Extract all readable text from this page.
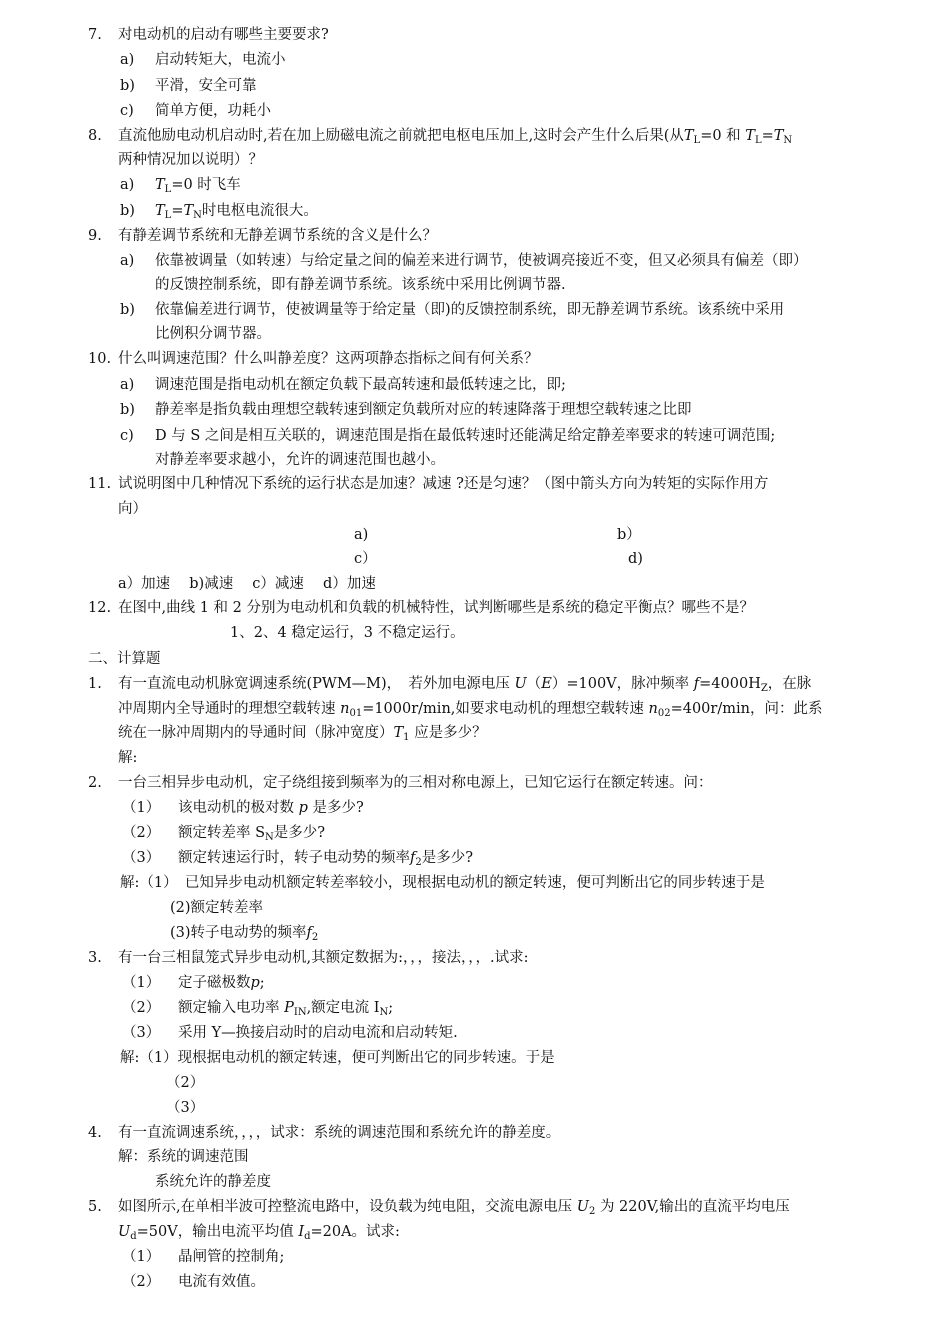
7. 对电动机的启动有哪些主要要求?
a) 启动转矩大，电流小
b) 平滑，安全可靠
c) 简单方便，功耗小
8. 直流他励电动机启动时,若在加上励磁电流之前就把电枢电压加上,这时会产生什么后果(从$T_L=0$ 和 $T_L=T_N$
两种情况加以说明）？
a) $T_L=0$ 时飞车
b) $T_L=T_N$时电枢电流很大。
9. 有静差调节系统和无静差调节系统的含义是什么？
a) 依靠被调量（如转速）与给定量之间的偏差来进行调节，使被调亮接近不变，但又必须具有偏差（即）
的反馈控制系统，即有静差调节系统。该系统中采用比例调节器.
b) 依靠偏差进行调节，使被调量等于给定量（即)的反馈控制系统，即无静差调节系统。该系统中采用
比例积分调节器。
10. 什么叫调速范围？什么叫静差度？这两项静态指标之间有何关系？
a) 调速范围是指电动机在额定负载下最高转速和最低转速之比，即;
b) 静差率是指负载由理想空载转速到额定负载所对应的转速降落于理想空载转速之比即
c) D 与 S 之间是相互关联的，调速范围是指在最低转速时还能满足给定静差率要求的转速可调范围;
对静差率要求越小，允许的调速范围也越小。
11. 试说明图中几种情况下系统的运行状态是加速？减速 ?还是匀速？（图中箭头方向为转矩的实际作用方
向）
a)	b）
c）	d)
a）加速　 b)减速　 c）减速　 d）加速
12. 在图中,曲线 1 和 2 分别为电动机和负载的机械特性，试判断哪些是系统的稳定平衡点？哪些不是？
1、2、4 稳定运行，3 不稳定运行。
二、计算题
1. 有一直流电动机脉宽调速系统(PWM—M)，　若外加电源电压 U（E）=100V，脉冲频率 $f=4000H_Z$，在脉
冲周期内全导通时的理想空载转速 $n_{01}=1000r/\min$,如要求电动机的理想空载转速 $n_{02}=400r/\min$，问：此系
统在一脉冲周期内的导通时间（脉冲宽度）$T_1$ 应是多少？
解:
2. 一台三相异步电动机，定子绕组接到频率为的三相对称电源上，已知它运行在额定转速。问：
（1） 该电动机的极对数 p 是多少?
（2） 额定转差率 $S_N$是多少?
（3） 额定转速运行时，转子电动势的频率$f_2$是多少?
解:（1）　已知异步电动机额定转差率较小，现根据电动机的额定转速，便可判断出它的同步转速于是
(2)额定转差率
(3)转子电动势的频率$f_2$
3. 有一台三相鼠笼式异步电动机,其额定数据为:，，，接法，，，.试求:
（1） 定子磁极数p;
（2） 额定输入电功率 $P_{IN}$,额定电流 $I_N$;
（3） 采用 Y—换接启动时的启动电流和启动转矩.
解:（1）现根据电动机的额定转速，便可判断出它的同步转速。于是
（2）
（3）
4. 有一直流调速系统，，，，试求：系统的调速范围和系统允许的静差度。
解：系统的调速范围
系统允许的静差度
5. 如图所示,在单相半波可控整流电路中，设负载为纯电阻，交流电源电压 $U_2$ 为 220V,输出的直流平均电压
$U_d=50V$，输出电流平均值 $I_d=20A$。试求:
（1） 晶闸管的控制角;
（2） 电流有效值。
